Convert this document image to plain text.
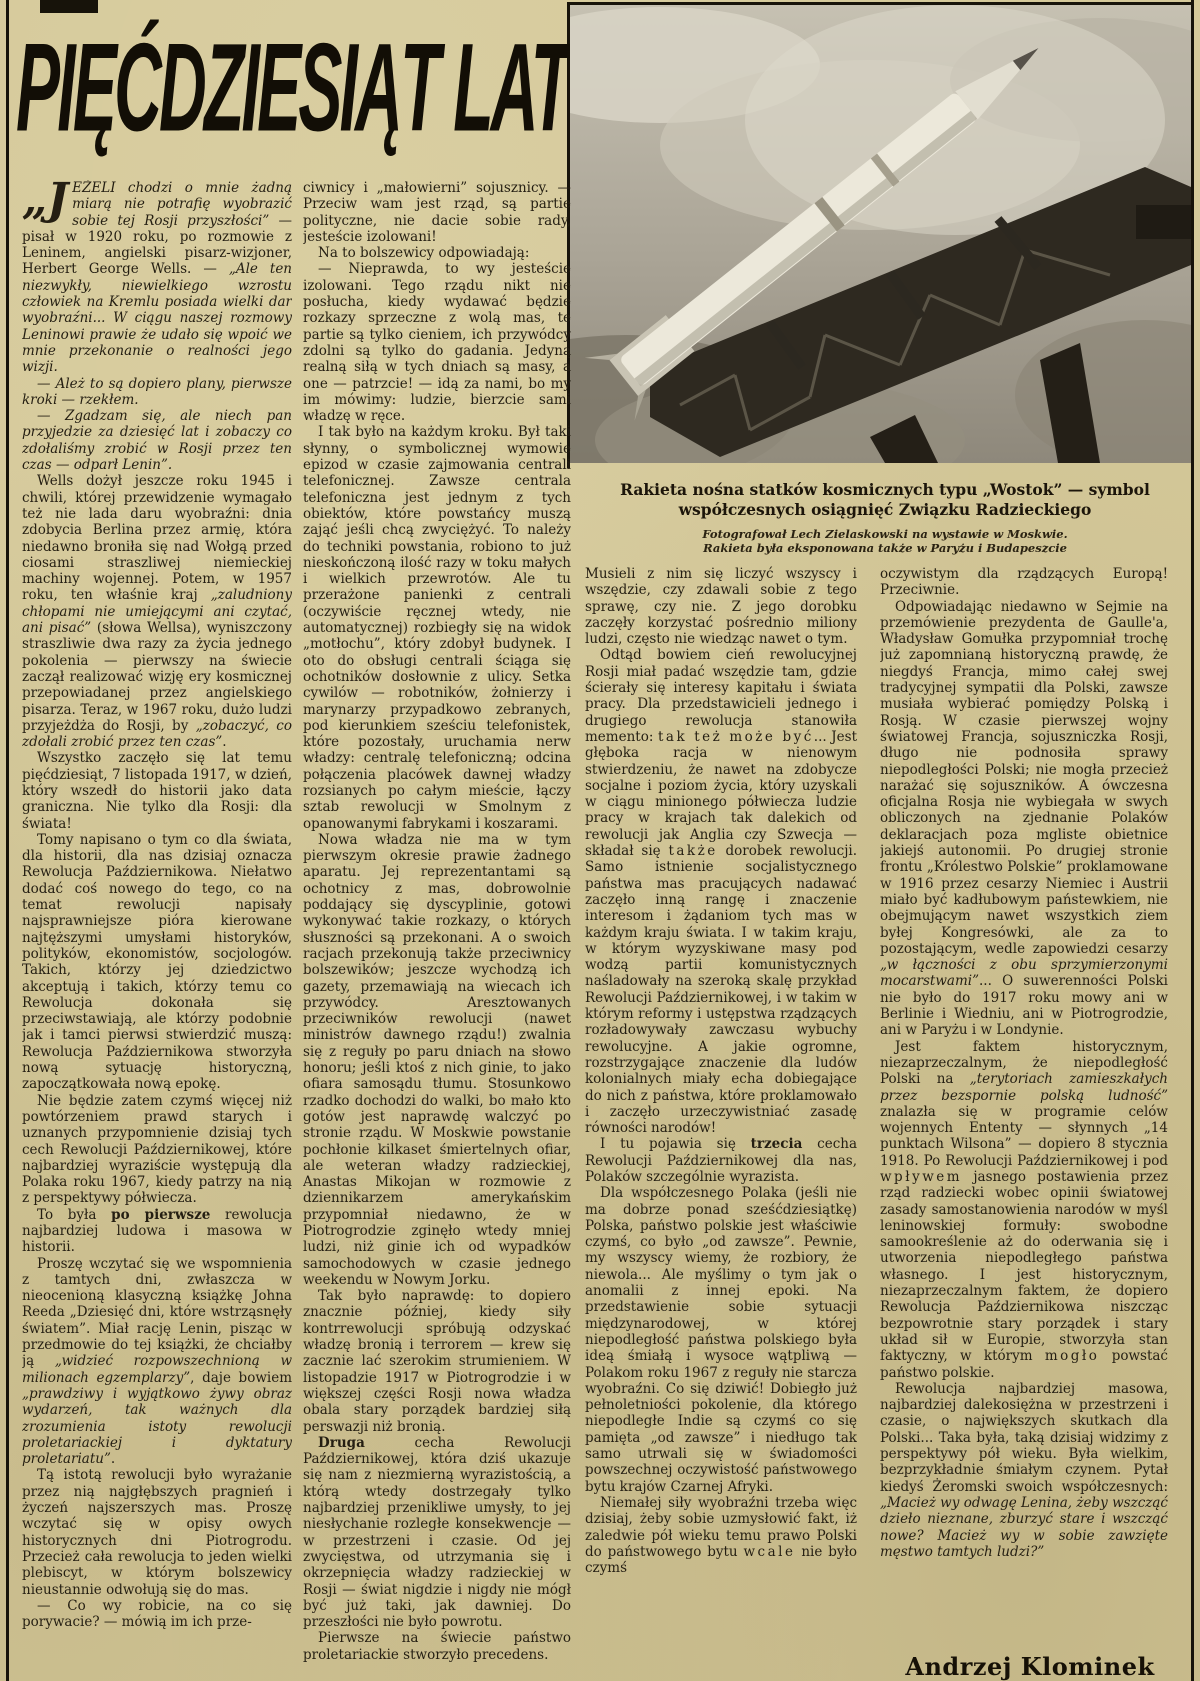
PIĘĆDZIESIĄT LAT
Rakieta nośna statków kosmicznych typu „Wostok” — symbol współczesnych osiągnięć Związku Radzieckiego
Fotografował Lech Zielaskowski na wystawie w Moskwie.
Rakieta była eksponowana także w Paryżu i Budapeszcie

„JEŻELI chodzi o mnie żadną miarą nie potrafię wyobrazić sobie tej Rosji przyszłości” — pisał w 1920 roku, po rozmowie z Leninem, angielski pisarz-wizjoner, Herbert George Wells. — „Ale ten niezwykły, niewielkiego wzrostu człowiek na Kremlu posiada wielki dar wyobraźni... W ciągu naszej rozmowy Leninowi prawie że udało się wpoić we mnie przekonanie o realności jego wizji.

— Ależ to są dopiero plany, pierwsze kroki — rzekłem.

— Zgadzam się, ale niech pan przyjedzie za dziesięć lat i zobaczy co zdołaliśmy zrobić w Rosji przez ten czas — odparł Lenin”.

Wells dożył jeszcze roku 1945 i chwili, której przewidzenie wymagało też nie lada daru wyobraźni: dnia zdobycia Berlina przez armię, która niedawno broniła się nad Wołgą przed ciosami straszliwej niemieckiej machiny wojennej. Potem, w 1957 roku, ten właśnie kraj „zaludniony chłopami nie umiejącymi ani czytać, ani pisać” (słowa Wellsa), wyniszczony straszliwie dwa razy za życia jednego pokolenia — pierwszy na świecie zaczął realizować wizję ery kosmicznej przepowiadanej przez angielskiego pisarza. Teraz, w 1967 roku, dużo ludzi przyjeżdża do Rosji, by „zobaczyć, co zdołali zrobić przez ten czas”.

Wszystko zaczęło się lat temu pięćdziesiąt, 7 listopada 1917, w dzień, który wszedł do historii jako data graniczna. Nie tylko dla Rosji: dla świata!

Tomy napisano o tym co dla świata, dla historii, dla nas dzisiaj oznacza Rewolucja Październikowa. Niełatwo dodać coś nowego do tego, co na temat rewolucji napisały najsprawniejsze pióra kierowane najtęższymi umysłami historyków, polityków, ekonomistów, socjologów. Takich, którzy jej dziedzictwo akceptują i takich, którzy temu co Rewolucja dokonała się przeciwstawiają, ale którzy podobnie jak i tamci pierwsi stwierdzić muszą: Rewolucja Październikowa stworzyła nową sytuację historyczną, zapoczątkowała nową epokę.

Nie będzie zatem czymś więcej niż powtórzeniem prawd starych i uznanych przypomnienie dzisiaj tych cech Rewolucji Październikowej, które najbardziej wyraziście występują dla Polaka roku 1967, kiedy patrzy na nią z perspektywy półwiecza.

To była po pierwsze rewolucja najbardziej ludowa i masowa w historii.

Proszę wczytać się we wspomnienia z tamtych dni, zwłaszcza w nieocenioną klasyczną książkę Johna Reeda „Dziesięć dni, które wstrząsnęły światem”. Miał rację Lenin, pisząc w przedmowie do tej książki, że chciałby ją „widzieć rozpowszechnioną w milionach egzemplarzy”, daje bowiem „prawdziwy i wyjątkowo żywy obraz wydarzeń, tak ważnych dla zrozumienia istoty rewolucji proletariackiej i dyktatury proletariatu”.

Tą istotą rewolucji było wyrażanie przez nią najgłębszych pragnień i życzeń najszerszych mas. Proszę wczytać się w opisy owych historycznych dni Piotrogrodu. Przecież cała rewolucja to jeden wielki plebiscyt, w którym bolszewicy nieustannie odwołują się do mas.

— Co wy robicie, na co się porywacie? — mówią im ich prze-

ciwnicy i „małowierni” sojusznicy. — Przeciw wam jest rząd, są partie polityczne, nie dacie sobie rady, jesteście izolowani!

Na to bolszewicy odpowiadają:

— Nieprawda, to wy jesteście izolowani. Tego rządu nikt nie posłucha, kiedy wydawać będzie rozkazy sprzeczne z wolą mas, te partie są tylko cieniem, ich przywódcy zdolni są tylko do gadania. Jedyną realną siłą w tych dniach są masy, a one — patrzcie! — idą za nami, bo my im mówimy: ludzie, bierzcie sami władzę w ręce.

I tak było na każdym kroku. Był taki słynny, o symbolicznej wymowie epizod w czasie zajmowania centrali telefonicznej. Zawsze centrala telefoniczna jest jednym z tych obiektów, które powstańcy muszą zająć jeśli chcą zwyciężyć. To należy do techniki powstania, robiono to już nieskończoną ilość razy w toku małych i wielkich przewrotów. Ale tu przerażone panienki z centrali (oczywiście ręcznej wtedy, nie automatycznej) rozbiegły się na widok „motłochu”, który zdobył budynek. I oto do obsługi centrali ściąga się ochotników dosłownie z ulicy. Setka cywilów — robotników, żołnierzy i marynarzy przypadkowo zebranych, pod kierunkiem sześciu telefonistek, które pozostały, uruchamia nerw władzy: centralę telefoniczną; odcina połączenia placówek dawnej władzy rozsianych po całym mieście, łączy sztab rewolucji w Smolnym z opanowanymi fabrykami i koszarami.

Nowa władza nie ma w tym pierwszym okresie prawie żadnego aparatu. Jej reprezentantami są ochotnicy z mas, dobrowolnie poddający się dyscyplinie, gotowi wykonywać takie rozkazy, o których słuszności są przekonani. A o swoich racjach przekonują także przeciwnicy bolszewików; jeszcze wychodzą ich gazety, przemawiają na wiecach ich przywódcy. Aresztowanych przeciwników rewolucji (nawet ministrów dawnego rządu!) zwalnia się z reguły po paru dniach na słowo honoru; jeśli ktoś z nich ginie, to jako ofiara samosądu tłumu. Stosunkowo rzadko dochodzi do walki, bo mało kto gotów jest naprawdę walczyć po stronie rządu. W Moskwie powstanie pochłonie kilkaset śmiertelnych ofiar, ale weteran władzy radzieckiej, Anastas Mikojan w rozmowie z dziennikarzem amerykańskim przypomniał niedawno, że w Piotrogrodzie zginęło wtedy mniej ludzi, niż ginie ich od wypadków samochodowych w czasie jednego weekendu w Nowym Jorku.

Tak było naprawdę: to dopiero znacznie później, kiedy siły kontrrewolucji spróbują odzyskać władzę bronią i terrorem — krew się zacznie lać szerokim strumieniem. W listopadzie 1917 w Piotrogrodzie i w większej części Rosji nowa władza obala stary porządek bardziej siłą perswazji niż bronią.

Druga cecha Rewolucji Październikowej, która dziś ukazuje się nam z niezmierną wyrazistością, a którą wtedy dostrzegały tylko najbardziej przenikliwe umysły, to jej niesłychanie rozległe konsekwencje — w przestrzeni i czasie. Od jej zwycięstwa, od utrzymania się i okrzepnięcia władzy radzieckiej w Rosji — świat nigdzie i nigdy nie mógł być już taki, jak dawniej. Do przeszłości nie było powrotu.

Pierwsze na świecie państwo proletariackie stworzyło precedens.

Musieli z nim się liczyć wszyscy i wszędzie, czy zdawali sobie z tego sprawę, czy nie. Z jego dorobku zaczęły korzystać pośrednio miliony ludzi, często nie wiedząc nawet o tym.

Odtąd bowiem cień rewolucyjnej Rosji miał padać wszędzie tam, gdzie ścierały się interesy kapitału i świata pracy. Dla przedstawicieli jednego i drugiego rewolucja stanowiła memento: tak też może być... Jest głęboka racja w nienowym stwierdzeniu, że nawet na zdobycze socjalne i poziom życia, który uzyskali w ciągu minionego półwiecza ludzie pracy w krajach tak dalekich od rewolucji jak Anglia czy Szwecja — składał się także dorobek rewolucji. Samo istnienie socjalistycznego państwa mas pracujących nadawać zaczęło inną rangę i znaczenie interesom i żądaniom tych mas w każdym kraju świata. I w takim kraju, w którym wyzyskiwane masy pod wodzą partii komunistycznych naśladowały na szeroką skalę przykład Rewolucji Październikowej, i w takim w którym reformy i ustępstwa rządzących rozładowywały zawczasu wybuchy rewolucyjne. A jakie ogromne, rozstrzygające znaczenie dla ludów kolonialnych miały echa dobiegające do nich z państwa, które proklamowało i zaczęło urzeczywistniać zasadę równości narodów!

I tu pojawia się trzecia cecha Rewolucji Październikowej dla nas, Polaków szczególnie wyrazista.

Dla współczesnego Polaka (jeśli nie ma dobrze ponad sześćdziesiątkę) Polska, państwo polskie jest właściwie czymś, co było „od zawsze”. Pewnie, my wszyscy wiemy, że rozbiory, że niewola... Ale myślimy o tym jak o anomalii z innej epoki. Na przedstawienie sobie sytuacji międzynarodowej, w której niepodległość państwa polskiego była ideą śmiałą i wysoce wątpliwą — Polakom roku 1967 z reguły nie starcza wyobraźni. Co się dziwić! Dobiegło już pełnoletniości pokolenie, dla którego niepodległe Indie są czymś co się pamięta „od zawsze” i niedługo tak samo utrwali się w świadomości powszechnej oczywistość państwowego bytu krajów Czarnej Afryki.

Niemałej siły wyobraźni trzeba więc dzisiaj, żeby sobie uzmysłowić fakt, iż zaledwie pół wieku temu prawo Polski do państwowego bytu wcale nie było czymś

oczywistym dla rządzących Europą! Przeciwnie.

Odpowiadając niedawno w Sejmie na przemówienie prezydenta de Gaulle'a, Władysław Gomułka przypomniał trochę już zapomnianą historyczną prawdę, że niegdyś Francja, mimo całej swej tradycyjnej sympatii dla Polski, zawsze musiała wybierać pomiędzy Polską i Rosją. W czasie pierwszej wojny światowej Francja, sojuszniczka Rosji, długo nie podnosiła sprawy niepodległości Polski; nie mogła przecież narażać się sojuszników. A ówczesna oficjalna Rosja nie wybiegała w swych obliczonych na zjednanie Polaków deklaracjach poza mgliste obietnice jakiejś autonomii. Po drugiej stronie frontu „Królestwo Polskie” proklamowane w 1916 przez cesarzy Niemiec i Austrii miało być kadłubowym państewkiem, nie obejmującym nawet wszystkich ziem byłej Kongresówki, ale za to pozostającym, wedle zapowiedzi cesarzy „w łączności z obu sprzymierzonymi mocarstwami”... O suwerenności Polski nie było do 1917 roku mowy ani w Berlinie i Wiedniu, ani w Piotrogrodzie, ani w Paryżu i w Londynie.

Jest faktem historycznym, niezaprzeczalnym, że niepodległość Polski na „terytoriach zamieszkałych przez bezspornie polską ludność” znalazła się w programie celów wojennych Ententy — słynnych „14 punktach Wilsona” — dopiero 8 stycznia 1918. Po Rewolucji Październikowej i pod wpływem jasnego postawienia przez rząd radziecki wobec opinii światowej zasady samostanowienia narodów w myśl leninowskiej formuły: swobodne samookreślenie aż do oderwania się i utworzenia niepodległego państwa własnego. I jest historycznym, niezaprzeczalnym faktem, że dopiero Rewolucja Październikowa niszcząc bezpowrotnie stary porządek i stary układ sił w Europie, stworzyła stan faktyczny, w którym mogło powstać państwo polskie.

Rewolucja najbardziej masowa, najbardziej dalekosiężna w przestrzeni i czasie, o największych skutkach dla Polski... Taka była, taką dzisiaj widzimy z perspektywy pół wieku. Była wielkim, bezprzykładnie śmiałym czynem. Pytał kiedyś Żeromski swoich współczesnych: „Macież wy odwagę Lenina, żeby wszcząć dzieło nieznane, zburzyć stare i wszcząć nowe? Macież wy w sobie zawzięte męstwo tamtych ludzi?”

Andrzej Klominek
